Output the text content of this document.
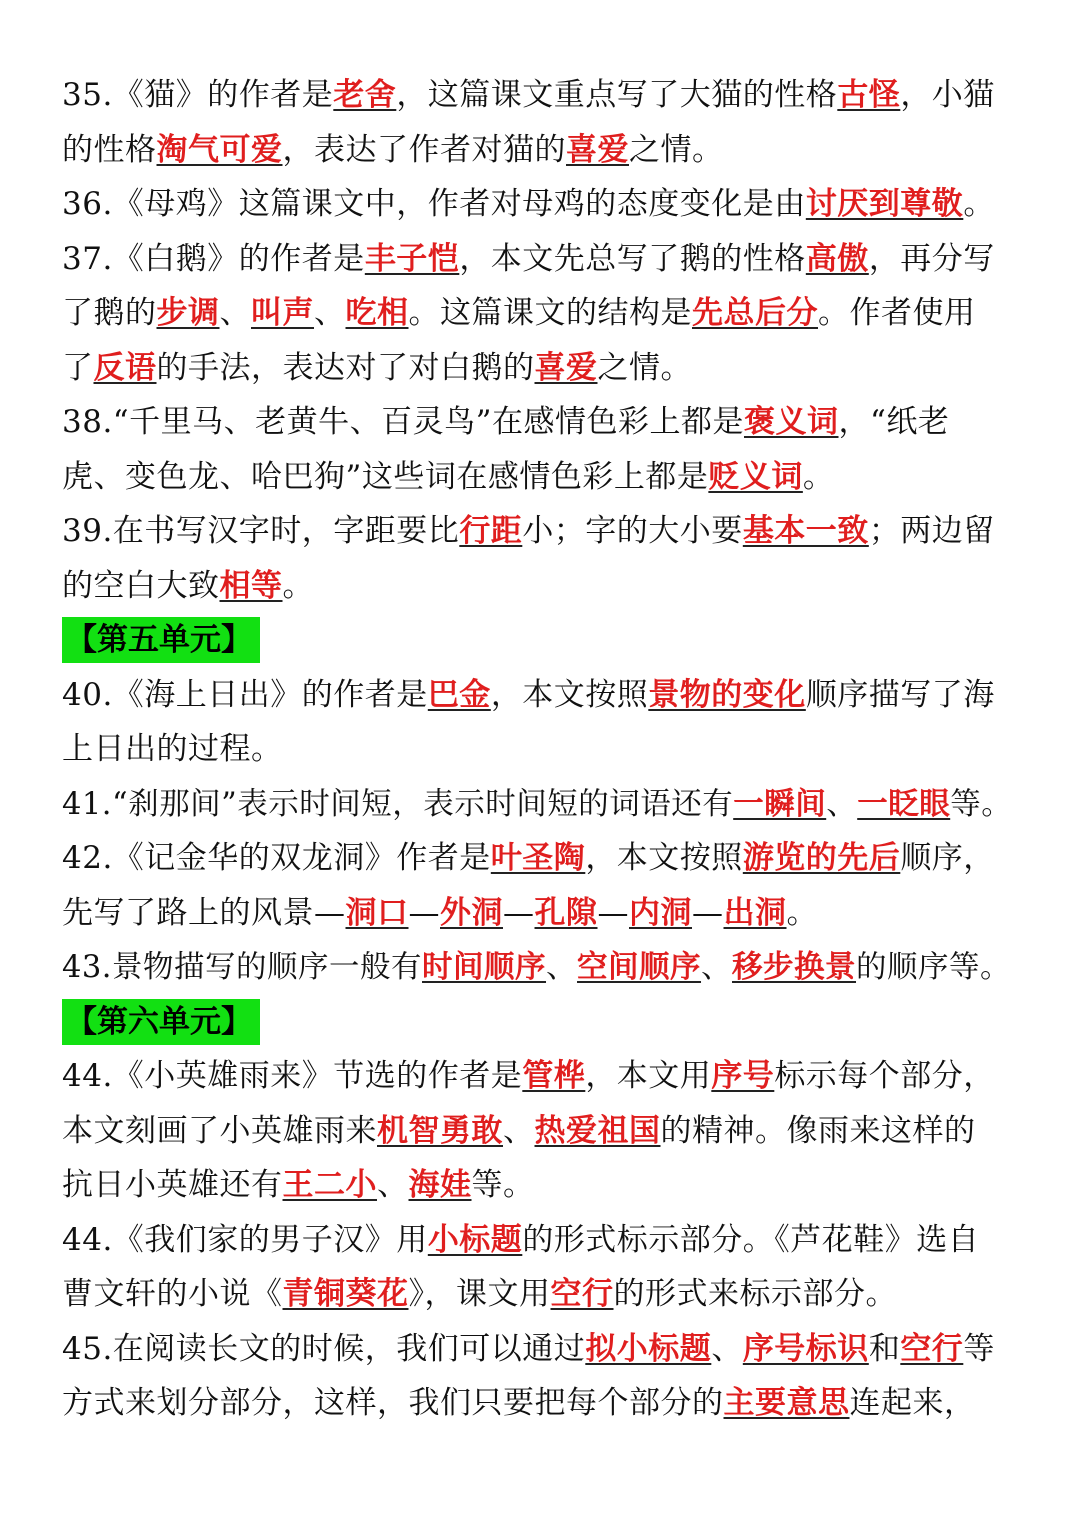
35.《猫》的作者是老舍，这篇课文重点写了大猫的性格古怪，小猫
的性格淘气可爱，表达了作者对猫的喜爱之情。
36.《母鸡》这篇课文中，作者对母鸡的态度变化是由讨厌到尊敬。
37.《白鹅》的作者是丰子恺，本文先总写了鹅的性格高傲，再分写
了鹅的步调、叫声、吃相。这篇课文的结构是先总后分。作者使用
了反语的手法，表达对了对白鹅的喜爱之情。
38.“千里马、老黄牛、百灵鸟”在感情色彩上都是褒义词，“纸老
虎、变色龙、哈巴狗”这些词在感情色彩上都是贬义词。
39.在书写汉字时，字距要比行距小；字的大小要基本一致；两边留
的空白大致相等。
【第五单元】
40.《海上日出》的作者是巴金，本文按照景物的变化顺序描写了海
上日出的过程。
41.“刹那间”表示时间短，表示时间短的词语还有一瞬间、一眨眼等。
42.《记金华的双龙洞》作者是叶圣陶，本文按照游览的先后顺序，
先写了路上的风景—洞口—外洞—孔隙—内洞—出洞。
43.景物描写的顺序一般有时间顺序、空间顺序、移步换景的顺序等。
【第六单元】
44.《小英雄雨来》节选的作者是管桦，本文用序号标示每个部分，
本文刻画了小英雄雨来机智勇敢、热爱祖国的精神。像雨来这样的
抗日小英雄还有王二小、海娃等。
44.《我们家的男子汉》用小标题的形式标示部分。《芦花鞋》选自
曹文轩的小说《青铜葵花》，课文用空行的形式来标示部分。
45.在阅读长文的时候，我们可以通过拟小标题、序号标识和空行等
方式来划分部分，这样，我们只要把每个部分的主要意思连起来，
